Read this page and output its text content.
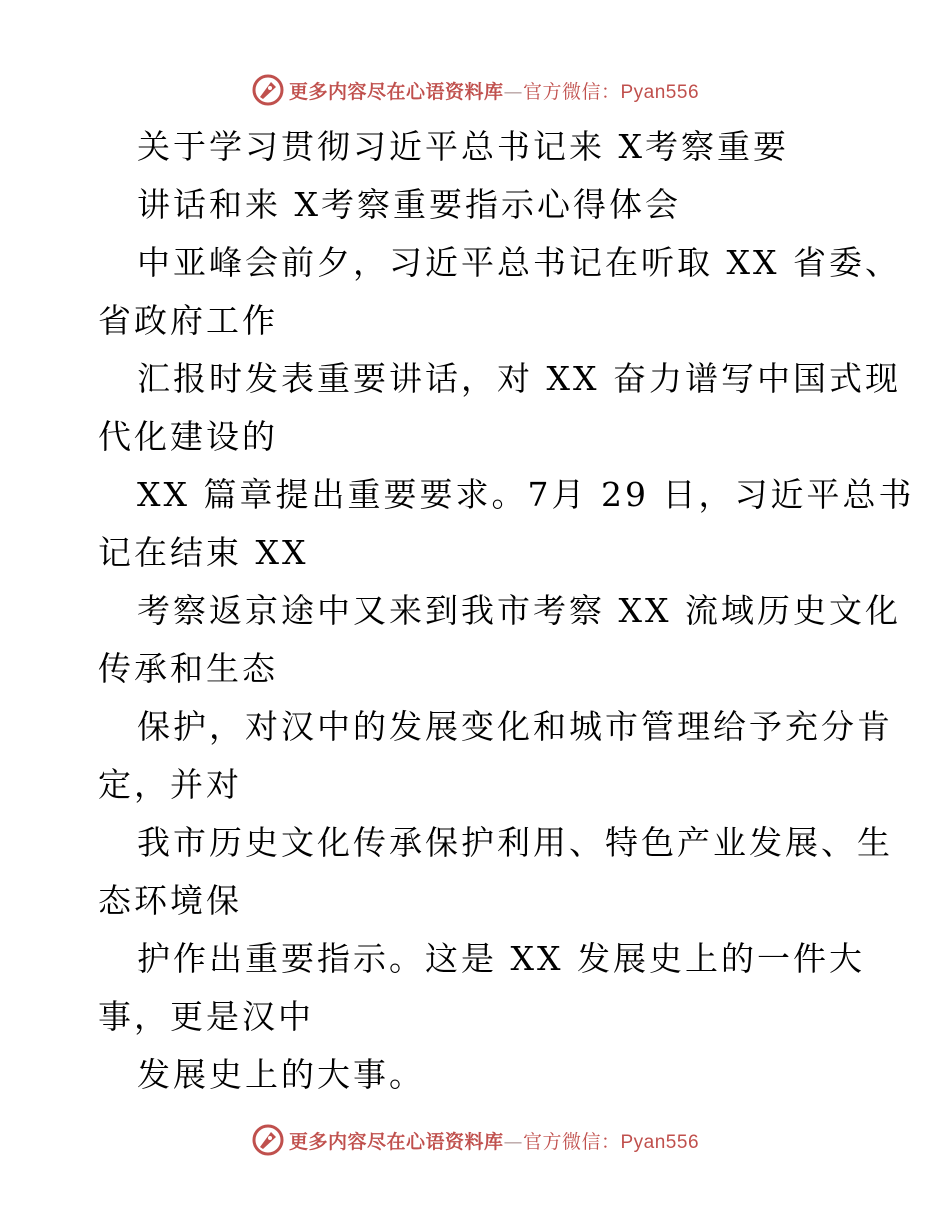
更多内容尽在心语资料库—官方微信：Pyan556
关于学习贯彻习近平总书记来 X考察重要
讲话和来 X考察重要指示心得体会
中亚峰会前夕，习近平总书记在听取 XX 省委、
省政府工作
汇报时发表重要讲话，对 XX 奋力谱写中国式现
代化建设的
XX 篇章提出重要要求。7月 29 日，习近平总书
记在结束 XX
考察返京途中又来到我市考察 XX 流域历史文化
传承和生态
保护，对汉中的发展变化和城市管理给予充分肯
定，并对
我市历史文化传承保护利用、特色产业发展、生
态环境保
护作出重要指示。这是 XX 发展史上的一件大
事，更是汉中
发展史上的大事。
更多内容尽在心语资料库—官方微信：Pyan556
